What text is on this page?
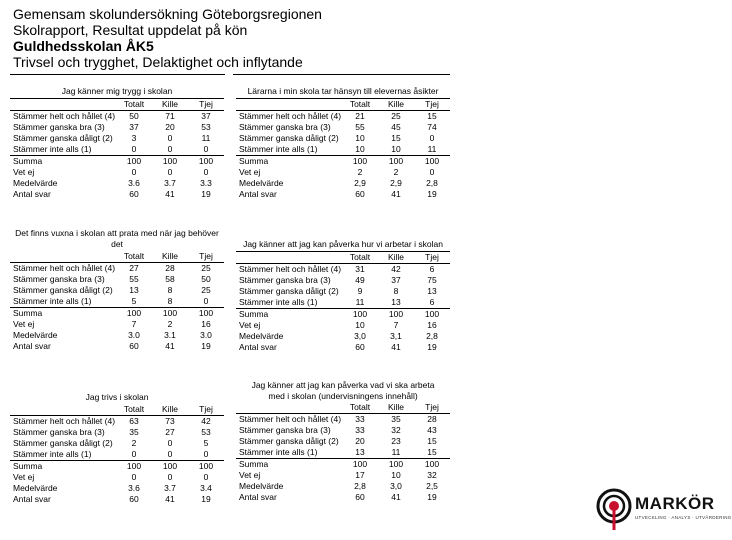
Gemensam skolundersökning Göteborgsregionen
Skolrapport, Resultat uppdelat på kön
Guldhedsskolan ÅK5
Trivsel och trygghet, Delaktighet och inflytande
Jag känner mig trygg i skolan			
	Totalt	Kille	Tjej
Stämmer helt och hållet (4)	50	71	37
Stämmer ganska bra (3)	37	20	53
Stämmer ganska dåligt (2)	3	0	11
Stämmer inte alls (1)	0	0	0
Summa	100	100	100
Vet ej	0	0	0
Medelvärde	3.6	3.7	3.3
Antal svar	60	41	19
Lärarna i min skola tar hänsyn till elevernas åsikter			
	Totalt	Kille	Tjej
Stämmer helt och hållet (4)	21	25	15
Stämmer ganska bra (3)	55	45	74
Stämmer ganska dåligt (2)	10	15	0
Stämmer inte alls (1)	10	10	11
Summa	100	100	100
Vet ej	2	2	0
Medelvärde	2,9	2,9	2,8
Antal svar	60	41	19
Det finns vuxna i skolan att prata med när jag behöver det			
	Totalt	Kille	Tjej
Stämmer helt och hållet (4)	27	28	25
Stämmer ganska bra (3)	55	58	50
Stämmer ganska dåligt (2)	13	8	25
Stämmer inte alls (1)	5	8	0
Summa	100	100	100
Vet ej	7	2	16
Medelvärde	3.0	3.1	3.0
Antal svar	60	41	19
Jag känner att jag kan påverka hur vi arbetar i skolan			
	Totalt	Kille	Tjej
Stämmer helt och hållet (4)	31	42	6
Stämmer ganska bra (3)	49	37	75
Stämmer ganska dåligt (2)	9	8	13
Stämmer inte alls (1)	11	13	6
Summa	100	100	100
Vet ej	10	7	16
Medelvärde	3,0	3,1	2,8
Antal svar	60	41	19
Jag trivs i skolan			
	Totalt	Kille	Tjej
Stämmer helt och hållet (4)	63	73	42
Stämmer ganska bra (3)	35	27	53
Stämmer ganska dåligt (2)	2	0	5
Stämmer inte alls (1)	0	0	0
Summa	100	100	100
Vet ej	0	0	0
Medelvärde	3.6	3.7	3.4
Antal svar	60	41	19
Jag känner att jag kan påverka vad vi ska arbeta med i skolan (undervisningens innehåll)			
	Totalt	Kille	Tjej
Stämmer helt och hållet (4)	33	35	28
Stämmer ganska bra (3)	33	32	43
Stämmer ganska dåligt (2)	20	23	15
Stämmer inte alls (1)	13	11	15
Summa	100	100	100
Vet ej	17	10	32
Medelvärde	2,8	3,0	2,5
Antal svar	60	41	19	MARKÖR
UTVECKLING · ANALYS · UTVÄRDERING
